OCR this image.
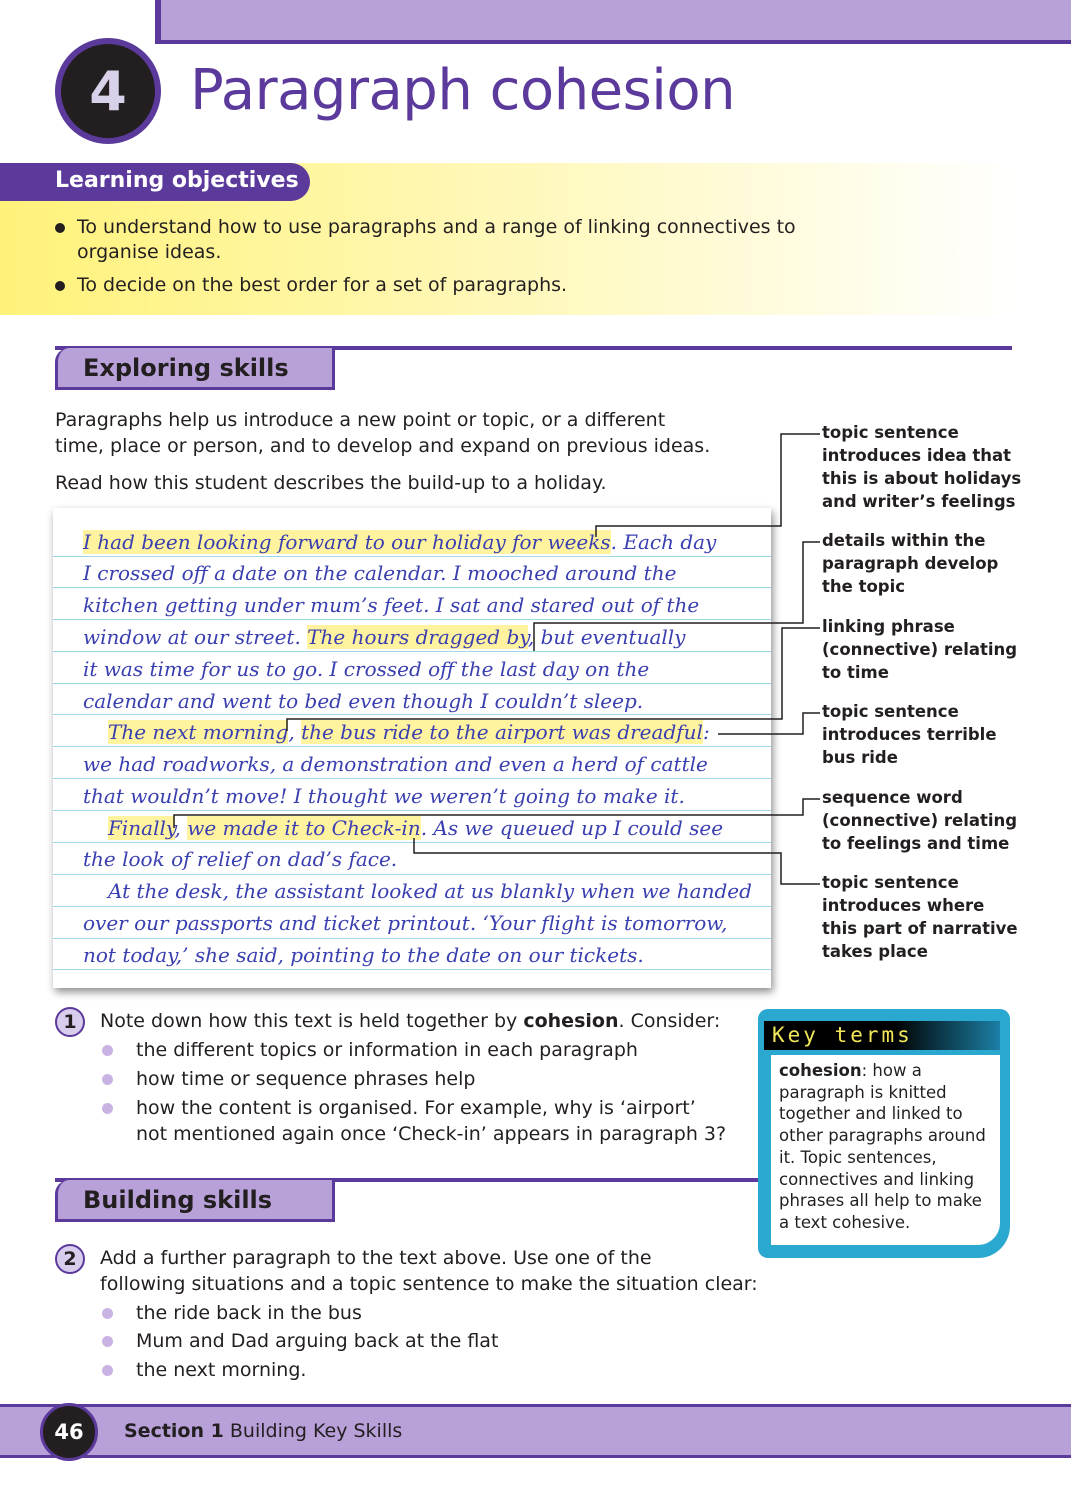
4	Paragraph cohesion
Learning objectives
To understand how to use paragraphs and a range of linking connectives to
organise ideas.
To decide on the best order for a set of paragraphs.
Exploring skills
Paragraphs help us introduce a new point or topic, or a different
time, place or person, and to develop and expand on previous ideas.
Read how this student describes the build-up to a holiday.
I had been looking forward to our holiday for weeks. Each day
I crossed off a date on the calendar. I mooched around the
kitchen getting under mum’s feet. I sat and stared out of the
window at our street. The hours dragged by, but eventually
it was time for us to go. I crossed off the last day on the
calendar and went to bed even though I couldn’t sleep.
The next morning, the bus ride to the airport was dreadful:
we had roadworks, a demonstration and even a herd of cattle
that wouldn’t move! I thought we weren’t going to make it.
Finally, we made it to Check-in. As we queued up I could see
the look of relief on dad’s face.
At the desk, the assistant looked at us blankly when we handed
over our passports and ticket printout. ‘Your flight is tomorrow,
not today,’ she said, pointing to the date on our tickets.
topic sentence
introduces idea that
this is about holidays
and writer’s feelings
details within the
paragraph develop
the topic
linking phrase
(connective) relating
to time
topic sentence
introduces terrible
bus ride
sequence word
(connective) relating
to feelings and time
topic sentence
introduces where
this part of narrative
takes place
1	Note down how this text is held together by cohesion. Consider:
the different topics or information in each paragraph
how time or sequence phrases help
how the content is organised. For example, why is ‘airport’
not mentioned again once ‘Check-in’ appears in paragraph 3?
Building skills
Key terms
cohesion: how a
paragraph is knitted
together and linked to
other paragraphs around
it. Topic sentences,
connectives and linking
phrases all help to make
a text cohesive.
2	Add a further paragraph to the text above. Use one of the
following situations and a topic sentence to make the situation clear:
the ride back in the bus
Mum and Dad arguing back at the flat
the next morning.
46	Section 1 Building Key Skills
